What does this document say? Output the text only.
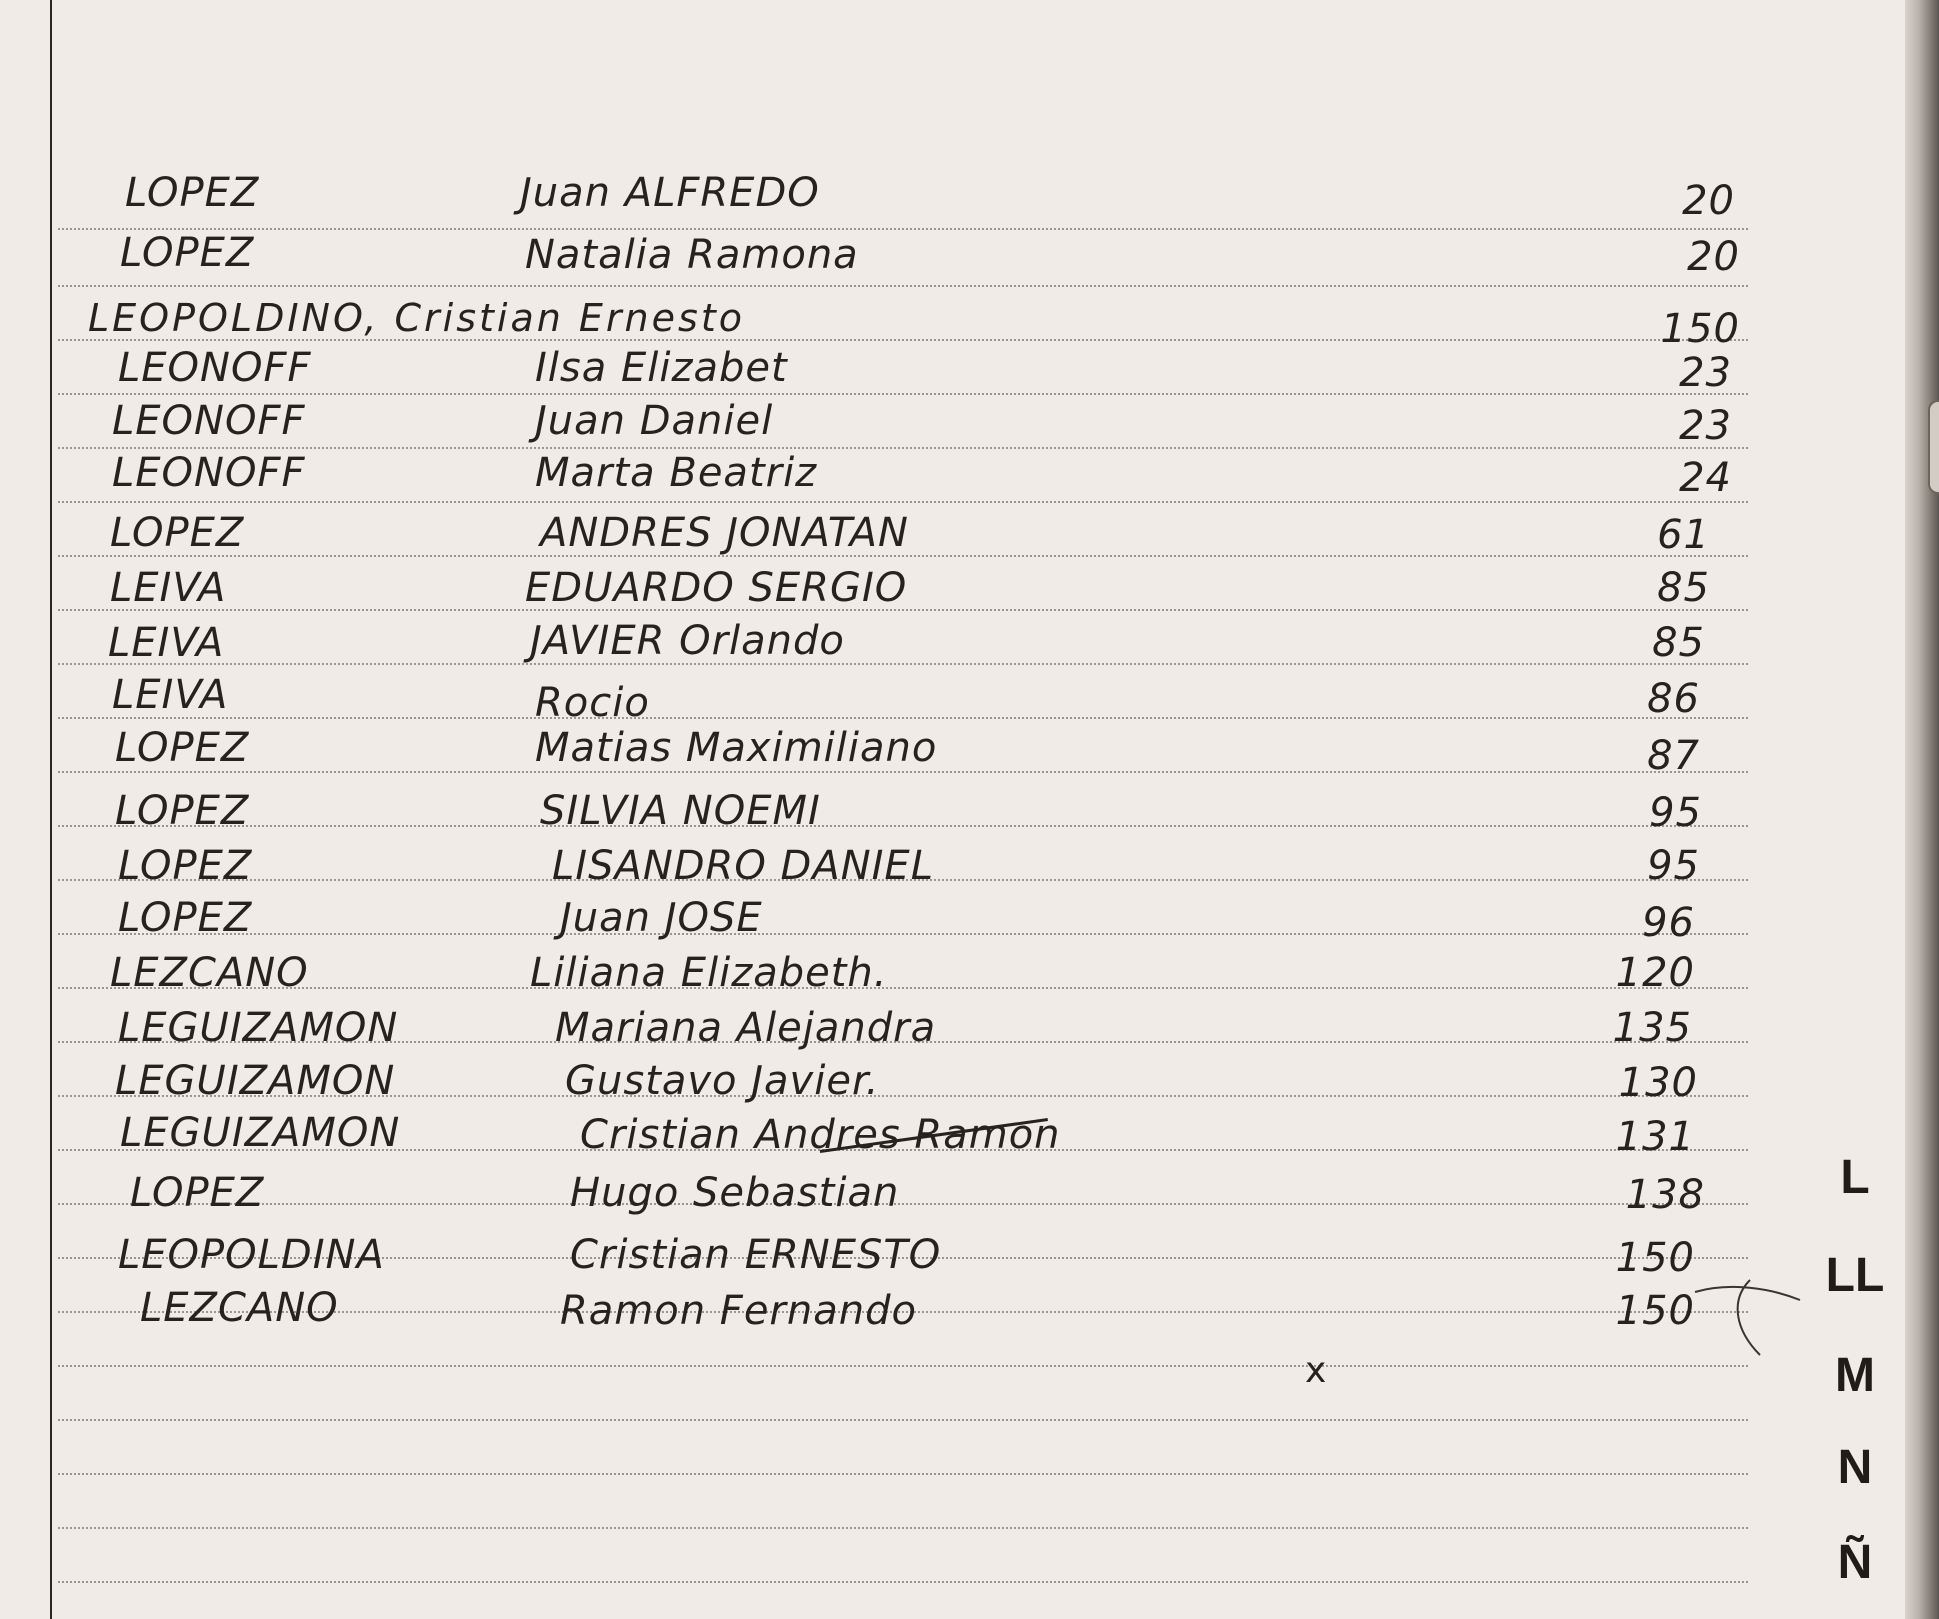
LOPEZ	Juan ALFREDO	20
LOPEZ	Natalia Ramona	20
LEOPOLDINO, Cristian Ernesto	150
LEONOFF	Ilsa Elizabet	23
LEONOFF	Juan Daniel	23
LEONOFF	Marta Beatriz	24
LOPEZ	ANDRES JONATAN	61
LEIVA	EDUARDO SERGIO	85
LEIVA	JAVIER Orlando	85
LEIVA	Rocio	86
LOPEZ	Matias Maximiliano	87
LOPEZ	SILVIA NOEMI	95
LOPEZ	LISANDRO DANIEL	95
LOPEZ	Juan JOSE	96
LEZCANO	Liliana Elizabeth.	120
LEGUIZAMON	Mariana Alejandra	135
LEGUIZAMON	Gustavo Javier.	130
LEGUIZAMON	Cristian Andres Ramon	131
LOPEZ	Hugo Sebastian	138
LEOPOLDINA	Cristian ERNESTO	150
LEZCANO	Ramon Fernando	150
x
L
LL
M
N
Ñ
